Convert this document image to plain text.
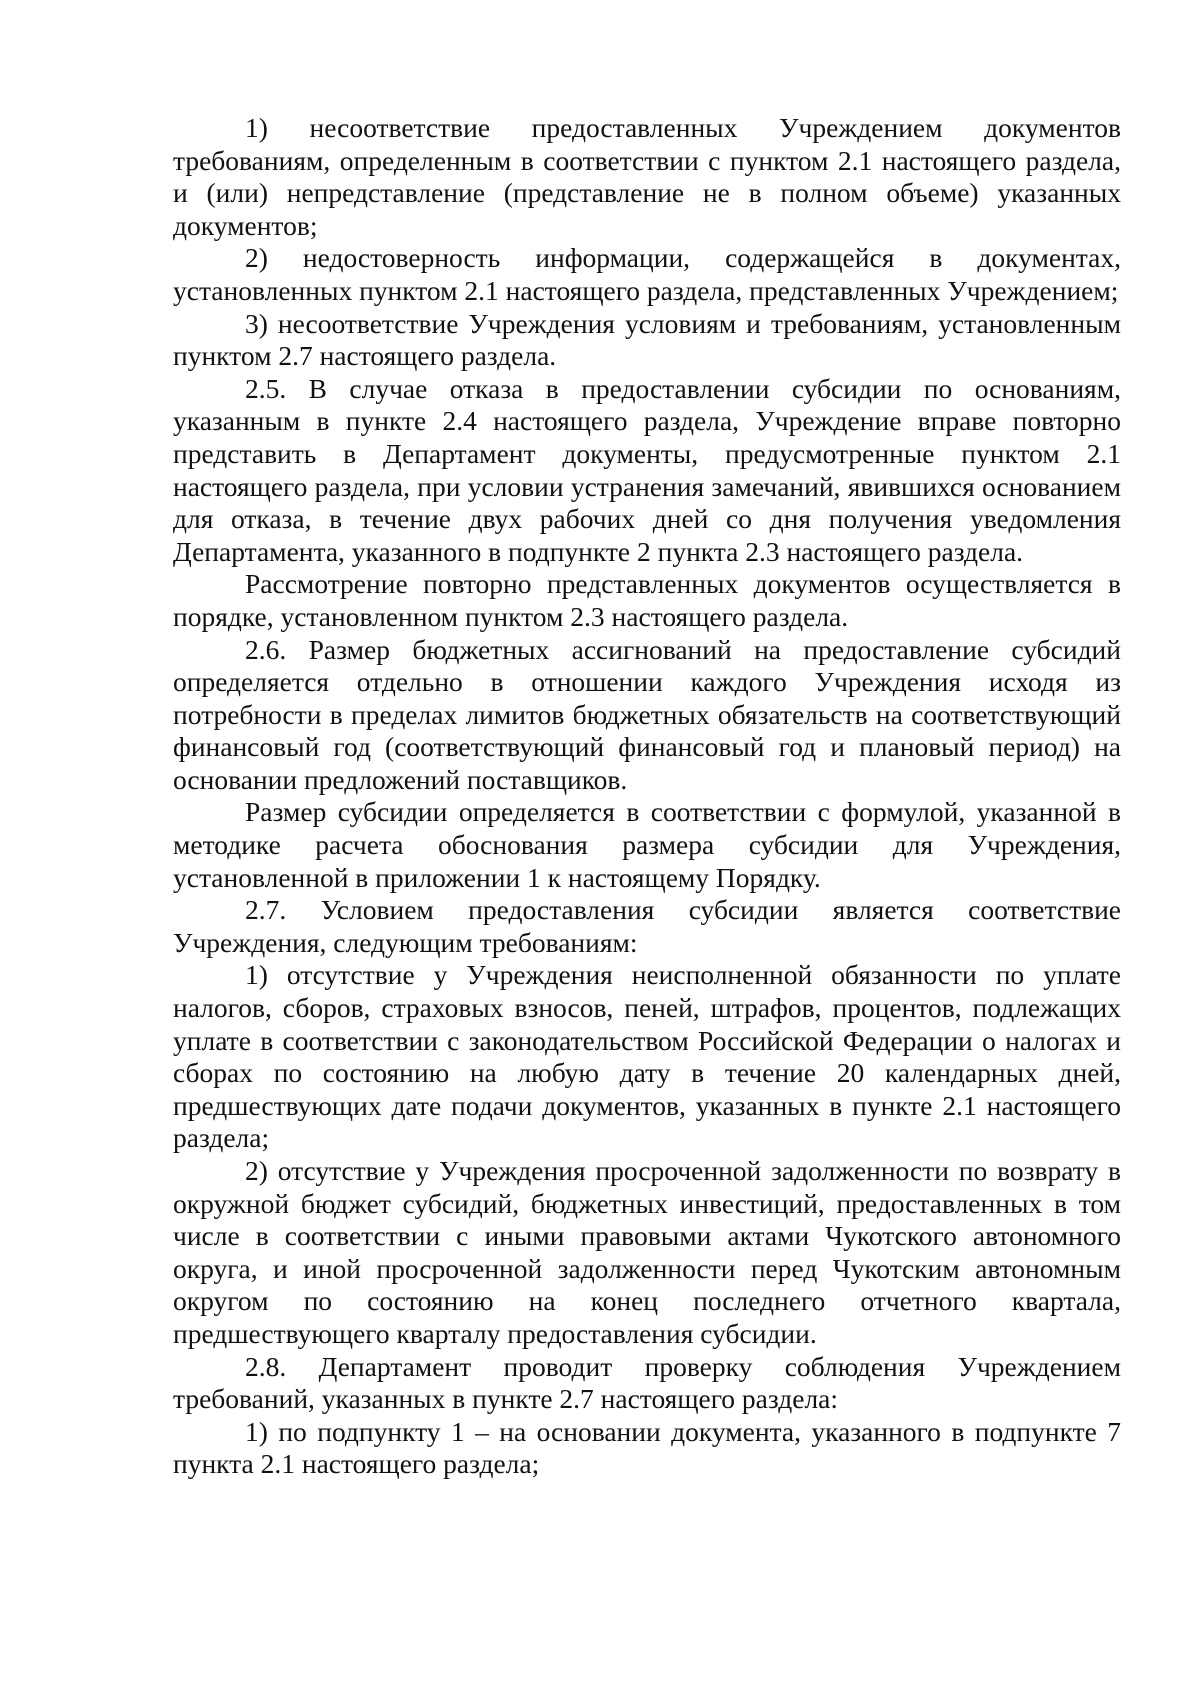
1) несоответствие предоставленных Учреждением документов требованиям, определенным в соответствии с пунктом 2.1 настоящего раздела, и (или) непредставление (представление не в полном объеме) указанных документов;

2) недостоверность информации, содержащейся в документах, установленных пунктом 2.1 настоящего раздела, представленных Учреждением;

3) несоответствие Учреждения условиям и требованиям, установленным пунктом 2.7 настоящего раздела.

2.5. В случае отказа в предоставлении субсидии по основаниям, указанным в пункте 2.4 настоящего раздела, Учреждение вправе повторно представить в Департамент документы, предусмотренные пунктом 2.1 настоящего раздела, при условии устранения замечаний, явившихся основанием для отказа, в течение двух рабочих дней со дня получения уведомления Департамента, указанного в подпункте 2 пункта 2.3 настоящего раздела.

Рассмотрение повторно представленных документов осуществляется в порядке, установленном пунктом 2.3 настоящего раздела.

2.6. Размер бюджетных ассигнований на предоставление субсидий определяется отдельно в отношении каждого Учреждения исходя из потребности в пределах лимитов бюджетных обязательств на соответствующий финансовый год (соответствующий финансовый год и плановый период) на основании предложений поставщиков.

Размер субсидии определяется в соответствии с формулой, указанной в методике расчета обоснования размера субсидии для Учреждения, установленной в приложении 1 к настоящему Порядку.

2.7. Условием предоставления субсидии является соответствие Учреждения, следующим требованиям:

1) отсутствие у Учреждения неисполненной обязанности по уплате налогов, сборов, страховых взносов, пеней, штрафов, процентов, подлежащих уплате в соответствии с законодательством Российской Федерации о налогах и сборах по состоянию на любую дату в течение 20 календарных дней, предшествующих дате подачи документов, указанных в пункте 2.1 настоящего раздела;

2) отсутствие у Учреждения просроченной задолженности по возврату в окружной бюджет субсидий, бюджетных инвестиций, предоставленных в том числе в соответствии с иными правовыми актами Чукотского автономного округа, и иной просроченной задолженности перед Чукотским автономным округом по состоянию на конец последнего отчетного квартала, предшествующего кварталу предоставления субсидии.

2.8. Департамент проводит проверку соблюдения Учреждением требований, указанных в пункте 2.7 настоящего раздела:

1) по подпункту 1 – на основании документа, указанного в подпункте 7 пункта 2.1 настоящего раздела;
